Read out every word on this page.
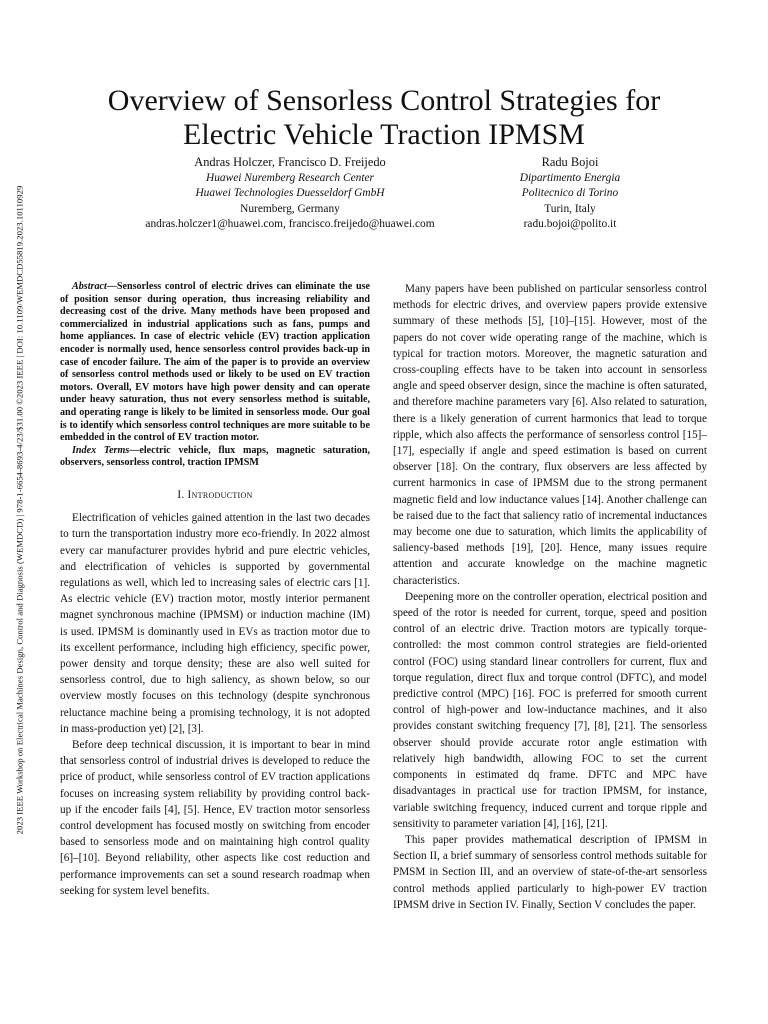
2023 IEEE Workshop on Electrical Machines Design, Control and Diagnosis (WEMDCD) | 978-1-6654-8693-4/23/$31.00 ©2023 IEEE | DOI: 10.1109/WEMDCD55819.2023.10110929
Overview of Sensorless Control Strategies for Electric Vehicle Traction IPMSM
Andras Holczer, Francisco D. Freijedo
Huawei Nuremberg Research Center
Huawei Technologies Duesseldorf GmbH
Nuremberg, Germany
andras.holczer1@huawei.com, francisco.freijedo@huawei.com
Radu Bojoi
Dipartimento Energia
Politecnico di Torino
Turin, Italy
radu.bojoi@polito.it

Abstract—Sensorless control of electric drives can eliminate the use of position sensor during operation, thus increasing reliability and decreasing cost of the drive. Many methods have been proposed and commercialized in industrial applications such as fans, pumps and home appliances. In case of electric vehicle (EV) traction application encoder is normally used, hence sensorless control provides back-up in case of encoder failure. The aim of the paper is to provide an overview of sensorless control methods used or likely to be used on EV traction motors. Overall, EV motors have high power density and can operate under heavy saturation, thus not every sensorless method is suitable, and operating range is likely to be limited in sensorless mode. Our goal is to identify which sensorless control techniques are more suitable to be embedded in the control of EV traction motor.

Index Terms—electric vehicle, flux maps, magnetic saturation, observers, sensorless control, traction IPMSM

I. Introduction

Electrification of vehicles gained attention in the last two decades to turn the transportation industry more eco-friendly. In 2022 almost every car manufacturer provides hybrid and pure electric vehicles, and electrification of vehicles is supported by governmental regulations as well, which led to increasing sales of electric cars [1]. As electric vehicle (EV) traction motor, mostly interior permanent magnet synchronous machine (IPMSM) or induction machine (IM) is used. IPMSM is dominantly used in EVs as traction motor due to its excellent performance, including high efficiency, specific power, power density and torque density; these are also well suited for sensorless control, due to high saliency, as shown below, so our overview mostly focuses on this technology (despite synchronous reluctance machine being a promising technology, it is not adopted in mass-production yet) [2], [3].

Before deep technical discussion, it is important to bear in mind that sensorless control of industrial drives is developed to reduce the price of product, while sensorless control of EV traction applications focuses on increasing system reliability by providing control back-up if the encoder fails [4], [5]. Hence, EV traction motor sensorless control development has focused mostly on switching from encoder based to sensorless mode and on maintaining high control quality [6]–[10]. Beyond reliability, other aspects like cost reduction and performance improvements can set a sound research roadmap when seeking for system level benefits.

Many papers have been published on particular sensorless control methods for electric drives, and overview papers provide extensive summary of these methods [5], [10]–[15]. However, most of the papers do not cover wide operating range of the machine, which is typical for traction motors. Moreover, the magnetic saturation and cross-coupling effects have to be taken into account in sensorless angle and speed observer design, since the machine is often saturated, and therefore machine parameters vary [6]. Also related to saturation, there is a likely generation of current harmonics that lead to torque ripple, which also affects the performance of sensorless control [15]–[17], especially if angle and speed estimation is based on current observer [18]. On the contrary, flux observers are less affected by current harmonics in case of IPMSM due to the strong permanent magnetic field and low inductance values [14]. Another challenge can be raised due to the fact that saliency ratio of incremental inductances may become one due to saturation, which limits the applicability of saliency-based methods [19], [20]. Hence, many issues require attention and accurate knowledge on the machine magnetic characteristics.

Deepening more on the controller operation, electrical position and speed of the rotor is needed for current, torque, speed and position control of an electric drive. Traction motors are typically torque-controlled: the most common control strategies are field-oriented control (FOC) using standard linear controllers for current, flux and torque regulation, direct flux and torque control (DFTC), and model predictive control (MPC) [16]. FOC is preferred for smooth current control of high-power and low-inductance machines, and it also provides constant switching frequency [7], [8], [21]. The sensorless observer should provide accurate rotor angle estimation with relatively high bandwidth, allowing FOC to set the current components in estimated dq frame. DFTC and MPC have disadvantages in practical use for traction IPMSM, for instance, variable switching frequency, induced current and torque ripple and sensitivity to parameter variation [4], [16], [21].

This paper provides mathematical description of IPMSM in Section II, a brief summary of sensorless control methods suitable for PMSM in Section III, and an overview of state-of-the-art sensorless control methods applied particularly to high-power EV traction IPMSM drive in Section IV. Finally, Section V concludes the paper.
